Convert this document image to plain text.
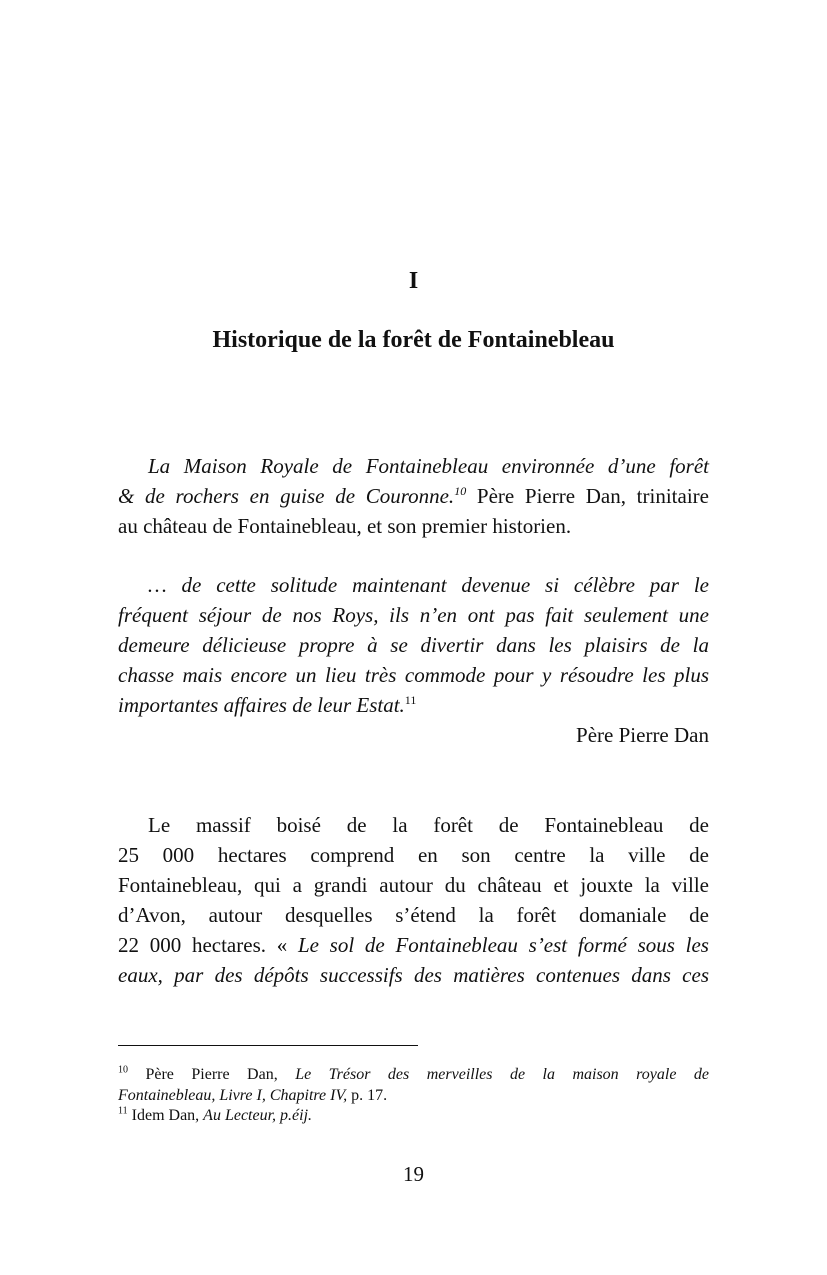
I
Historique de la forêt de Fontainebleau
La Maison Royale de Fontainebleau environnée d’une forêt
& de rochers en guise de Couronne.$^{10}$ Père Pierre Dan, trinitaire
au château de Fontainebleau, et son premier historien.
… de cette solitude maintenant devenue si célèbre par le
fréquent séjour de nos Roys, ils n’en ont pas fait seulement une
demeure délicieuse propre à se divertir dans les plaisirs de la
chasse mais encore un lieu très commode pour y résoudre les plus
importantes affaires de leur Estat.$^{11}$
Père Pierre Dan
Le massif boisé de la forêt de Fontainebleau de
25 000 hectares comprend en son centre la ville de
Fontainebleau, qui a grandi autour du château et jouxte la ville
d’Avon, autour desquelles s’étend la forêt domaniale de
22 000 hectares. « Le sol de Fontainebleau s’est formé sous les
eaux, par des dépôts successifs des matières contenues dans ces
$^{10}$ Père Pierre Dan, Le Trésor des merveilles de la maison royale de
Fontainebleau, Livre I, Chapitre IV, p. 17.
$^{11}$ Idem Dan, Au Lecteur, p.éij.
19
